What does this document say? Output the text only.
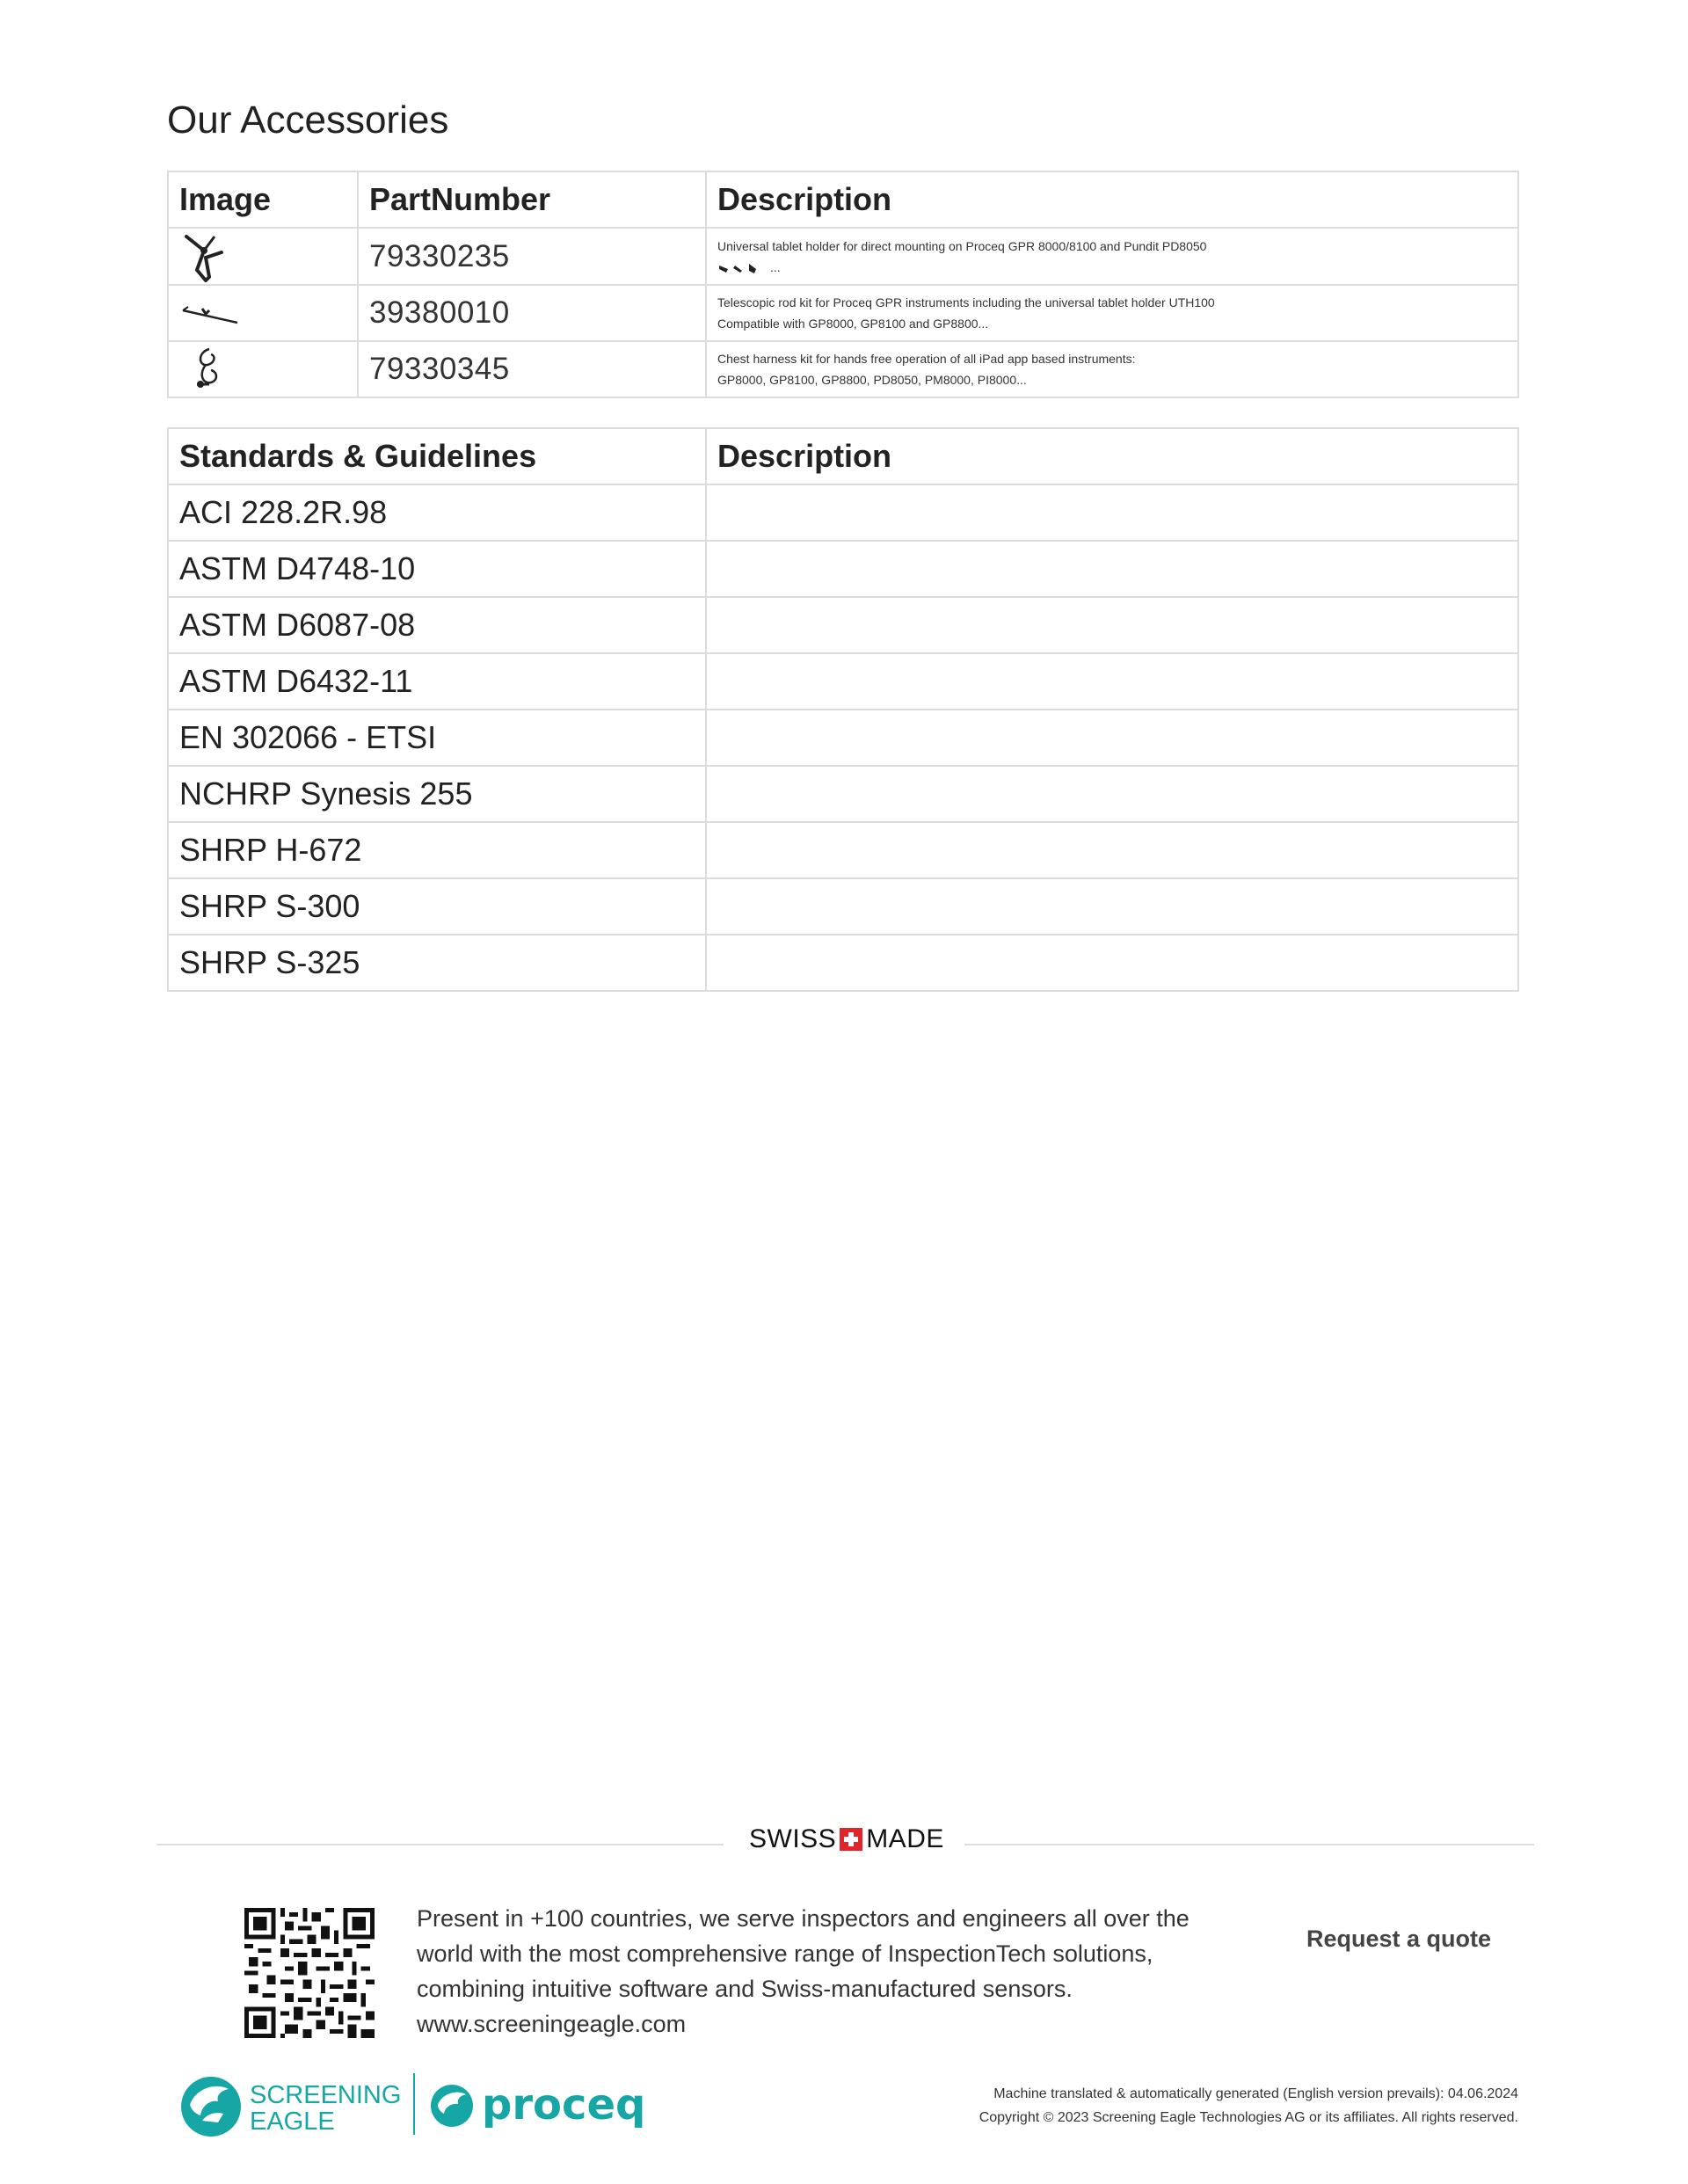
Our Accessories
Image	PartNumber	Description

	79330235	Universal tablet holder for direct mounting on Proceq GPR 8000/8100 and Pundit PD8050
...

	39380010	Telescopic rod kit for Proceq GPR instruments including the universal tablet holder UTH100
Compatible with GP8000, GP8100 and GP8800...

	79330345	Chest harness kit for hands free operation of all iPad app based instruments:
GP8000, GP8100, GP8800, PD8050, PM8000, PI8000...
Standards & Guidelines	Description
ACI 228.2R.98	
ASTM D4748-10	
ASTM D6087-08	
ASTM D6432-11	
EN 302066 - ETSI	
NCHRP Synesis 255	
SHRP H-672	
SHRP S-300	
SHRP S-325	
SWISS MADE
Present in +100 countries, we serve inspectors and engineers all over the
world with the most comprehensive range of InspectionTech solutions,
combining intuitive software and Swiss-manufactured sensors.
www.screeningeagle.com
Request a quote
SCREENING
EAGLE	proceq	Machine translated & automatically generated (English version prevails): 04.06.2024
Copyright © 2023 Screening Eagle Technologies AG or its affiliates. All rights reserved.
